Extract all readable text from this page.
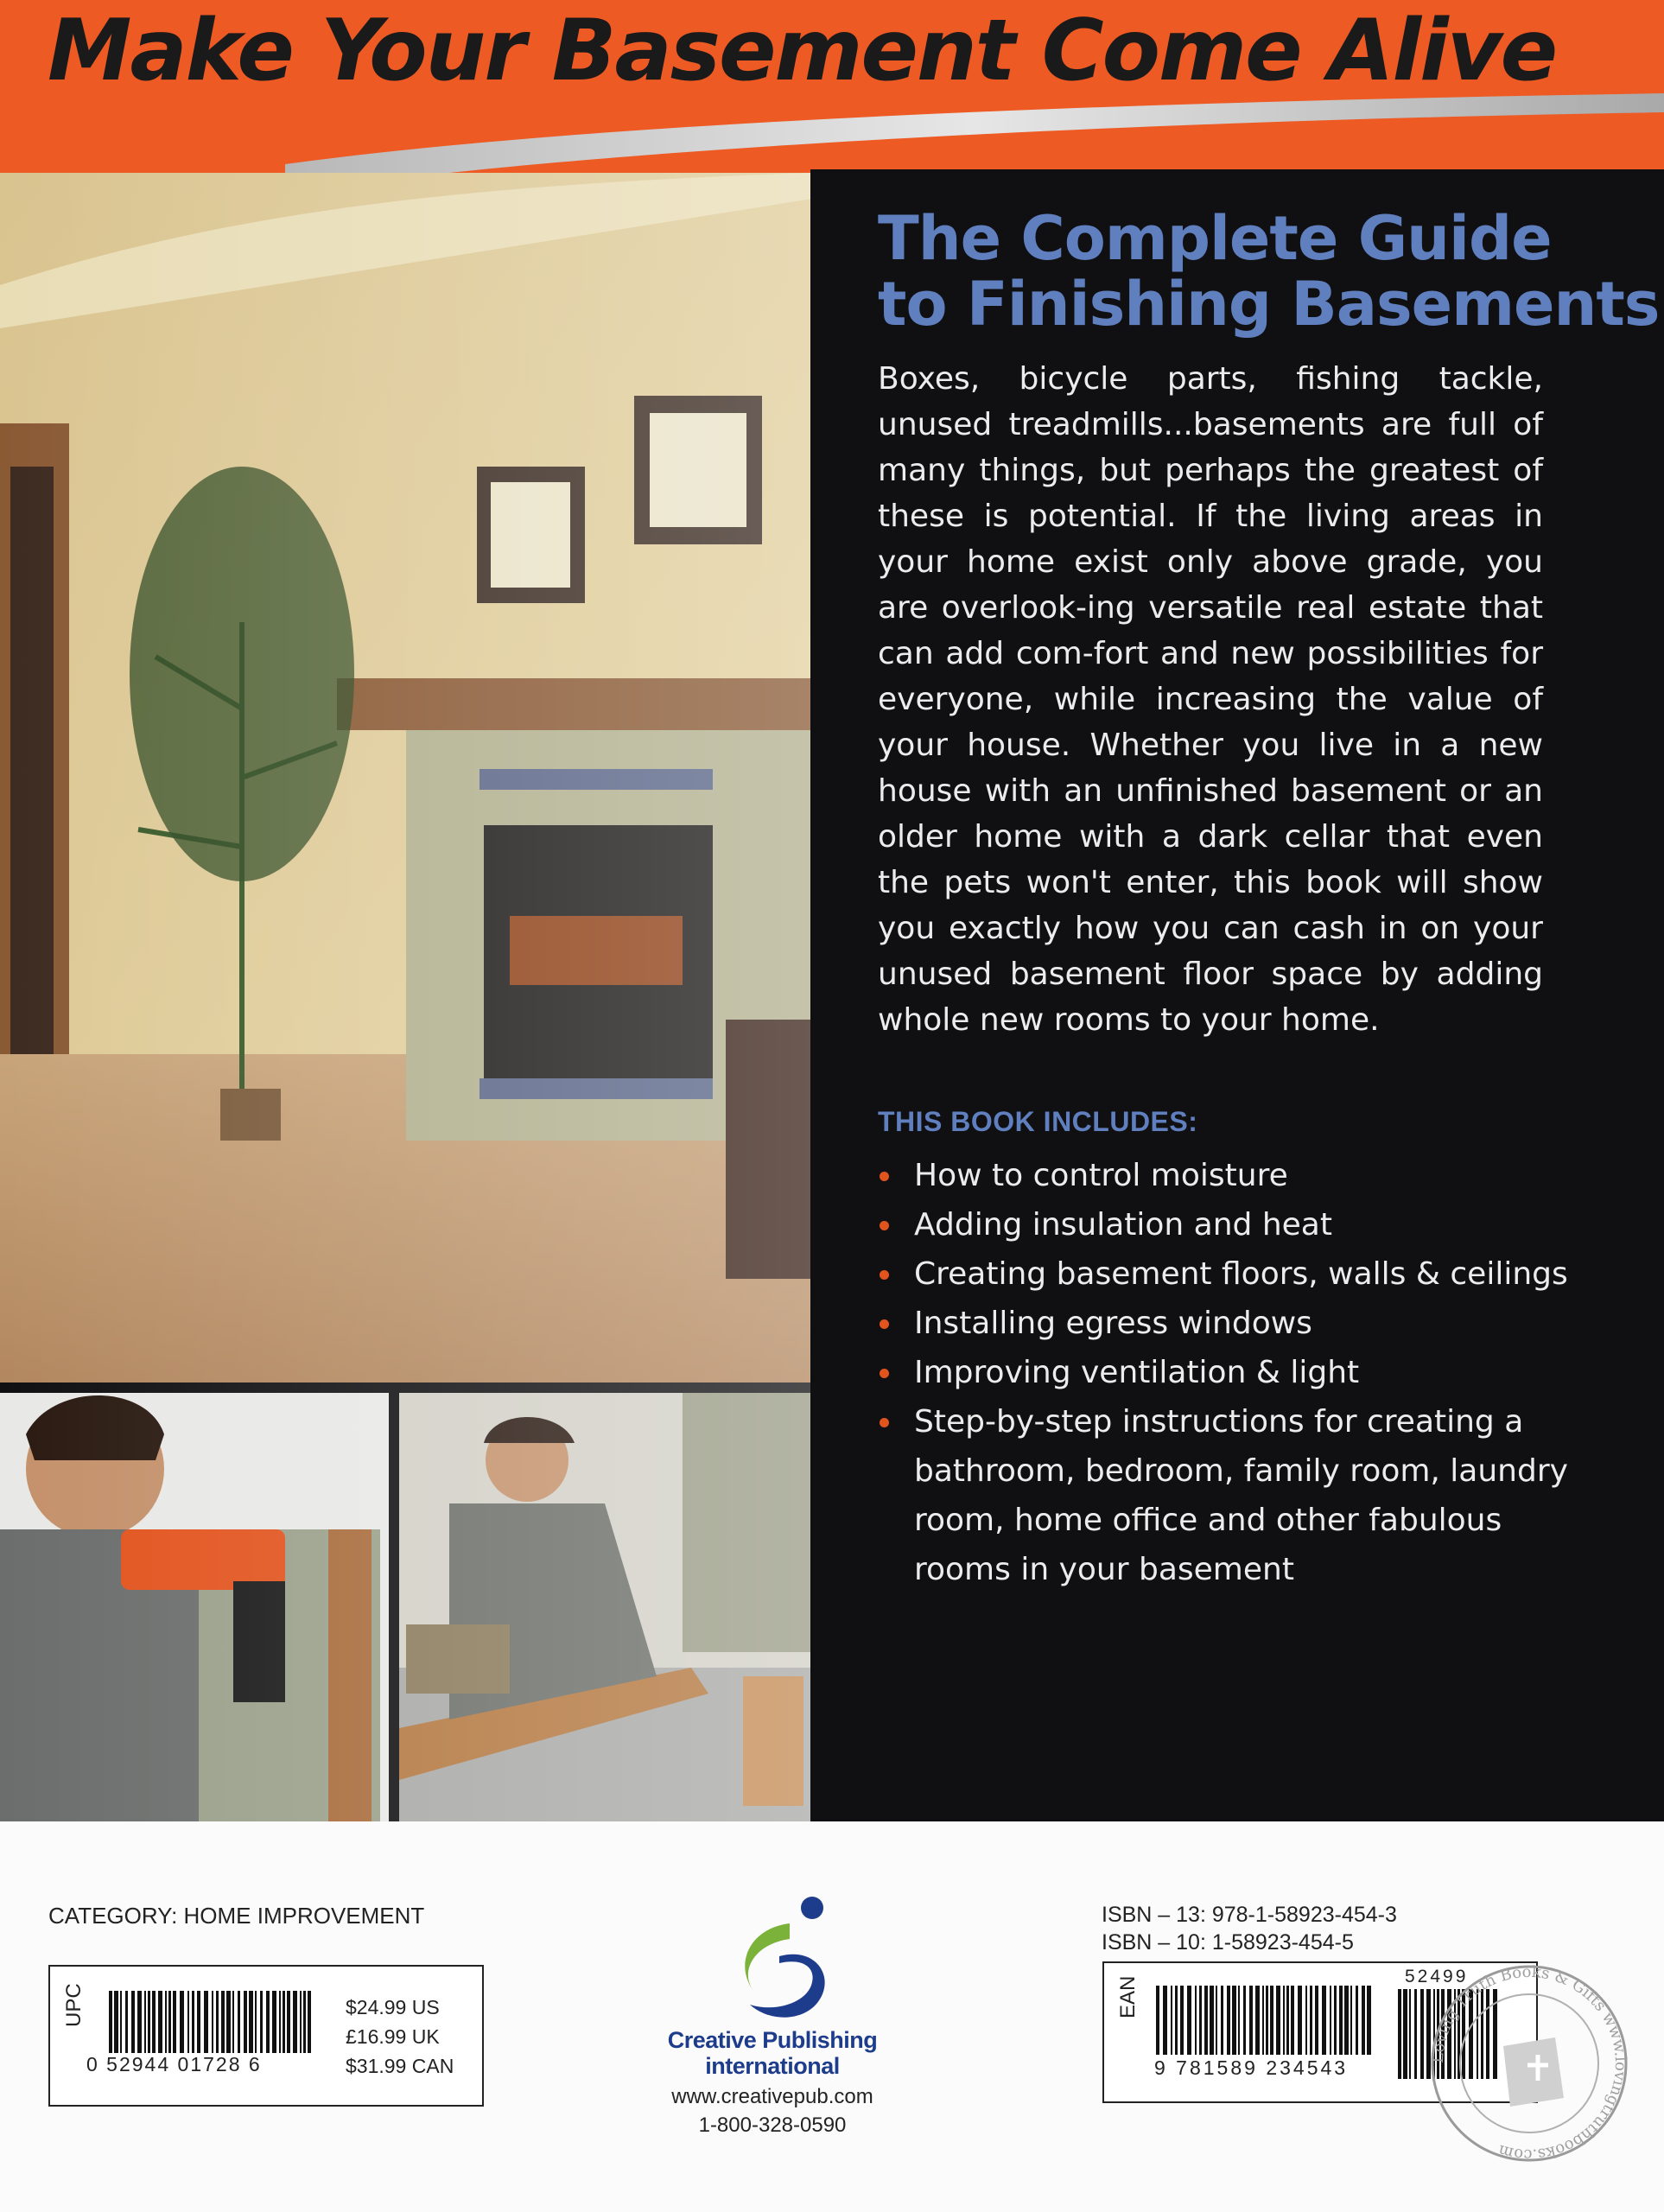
Make Your Basement Come Alive
The Complete Guide
to Finishing Basements

Boxes, bicycle parts, fishing tackle, unused treadmills...basements are full of many things, but perhaps the greatest of these is potential. If the living areas in your home exist only above grade, you are overlook-ing versatile real estate that can add com-fort and new possibilities for everyone, while increasing the value of your house. Whether you live in a new house with an unfinished basement or an older home with a dark cellar that even the pets won't enter, this book will show you exactly how you can cash in on your unused basement floor space by adding whole new rooms to your home.

THIS BOOK INCLUDES:
How to control moisture
Adding insulation and heat
Creating basement floors, walls & ceilings
Installing egress windows
Improving ventilation & light
Step-by-step instructions for creating a bathroom, bedroom, family room, laundry room, home office and other fabulous rooms in your basement
CATEGORY: HOME IMPROVEMENT
UPC
0 52944 01728 6
$24.99 US
£16.99 UK
$31.99 CAN
Creative Publishing
international
www.creativepub.com
1-800-328-0590
ISBN – 13: 978-1-58923-454-3
ISBN – 10: 1-58923-454-5
EAN
9 781589 234543
52499
Loving Truth Books & Gifts www.lovingtruthbooks.com
